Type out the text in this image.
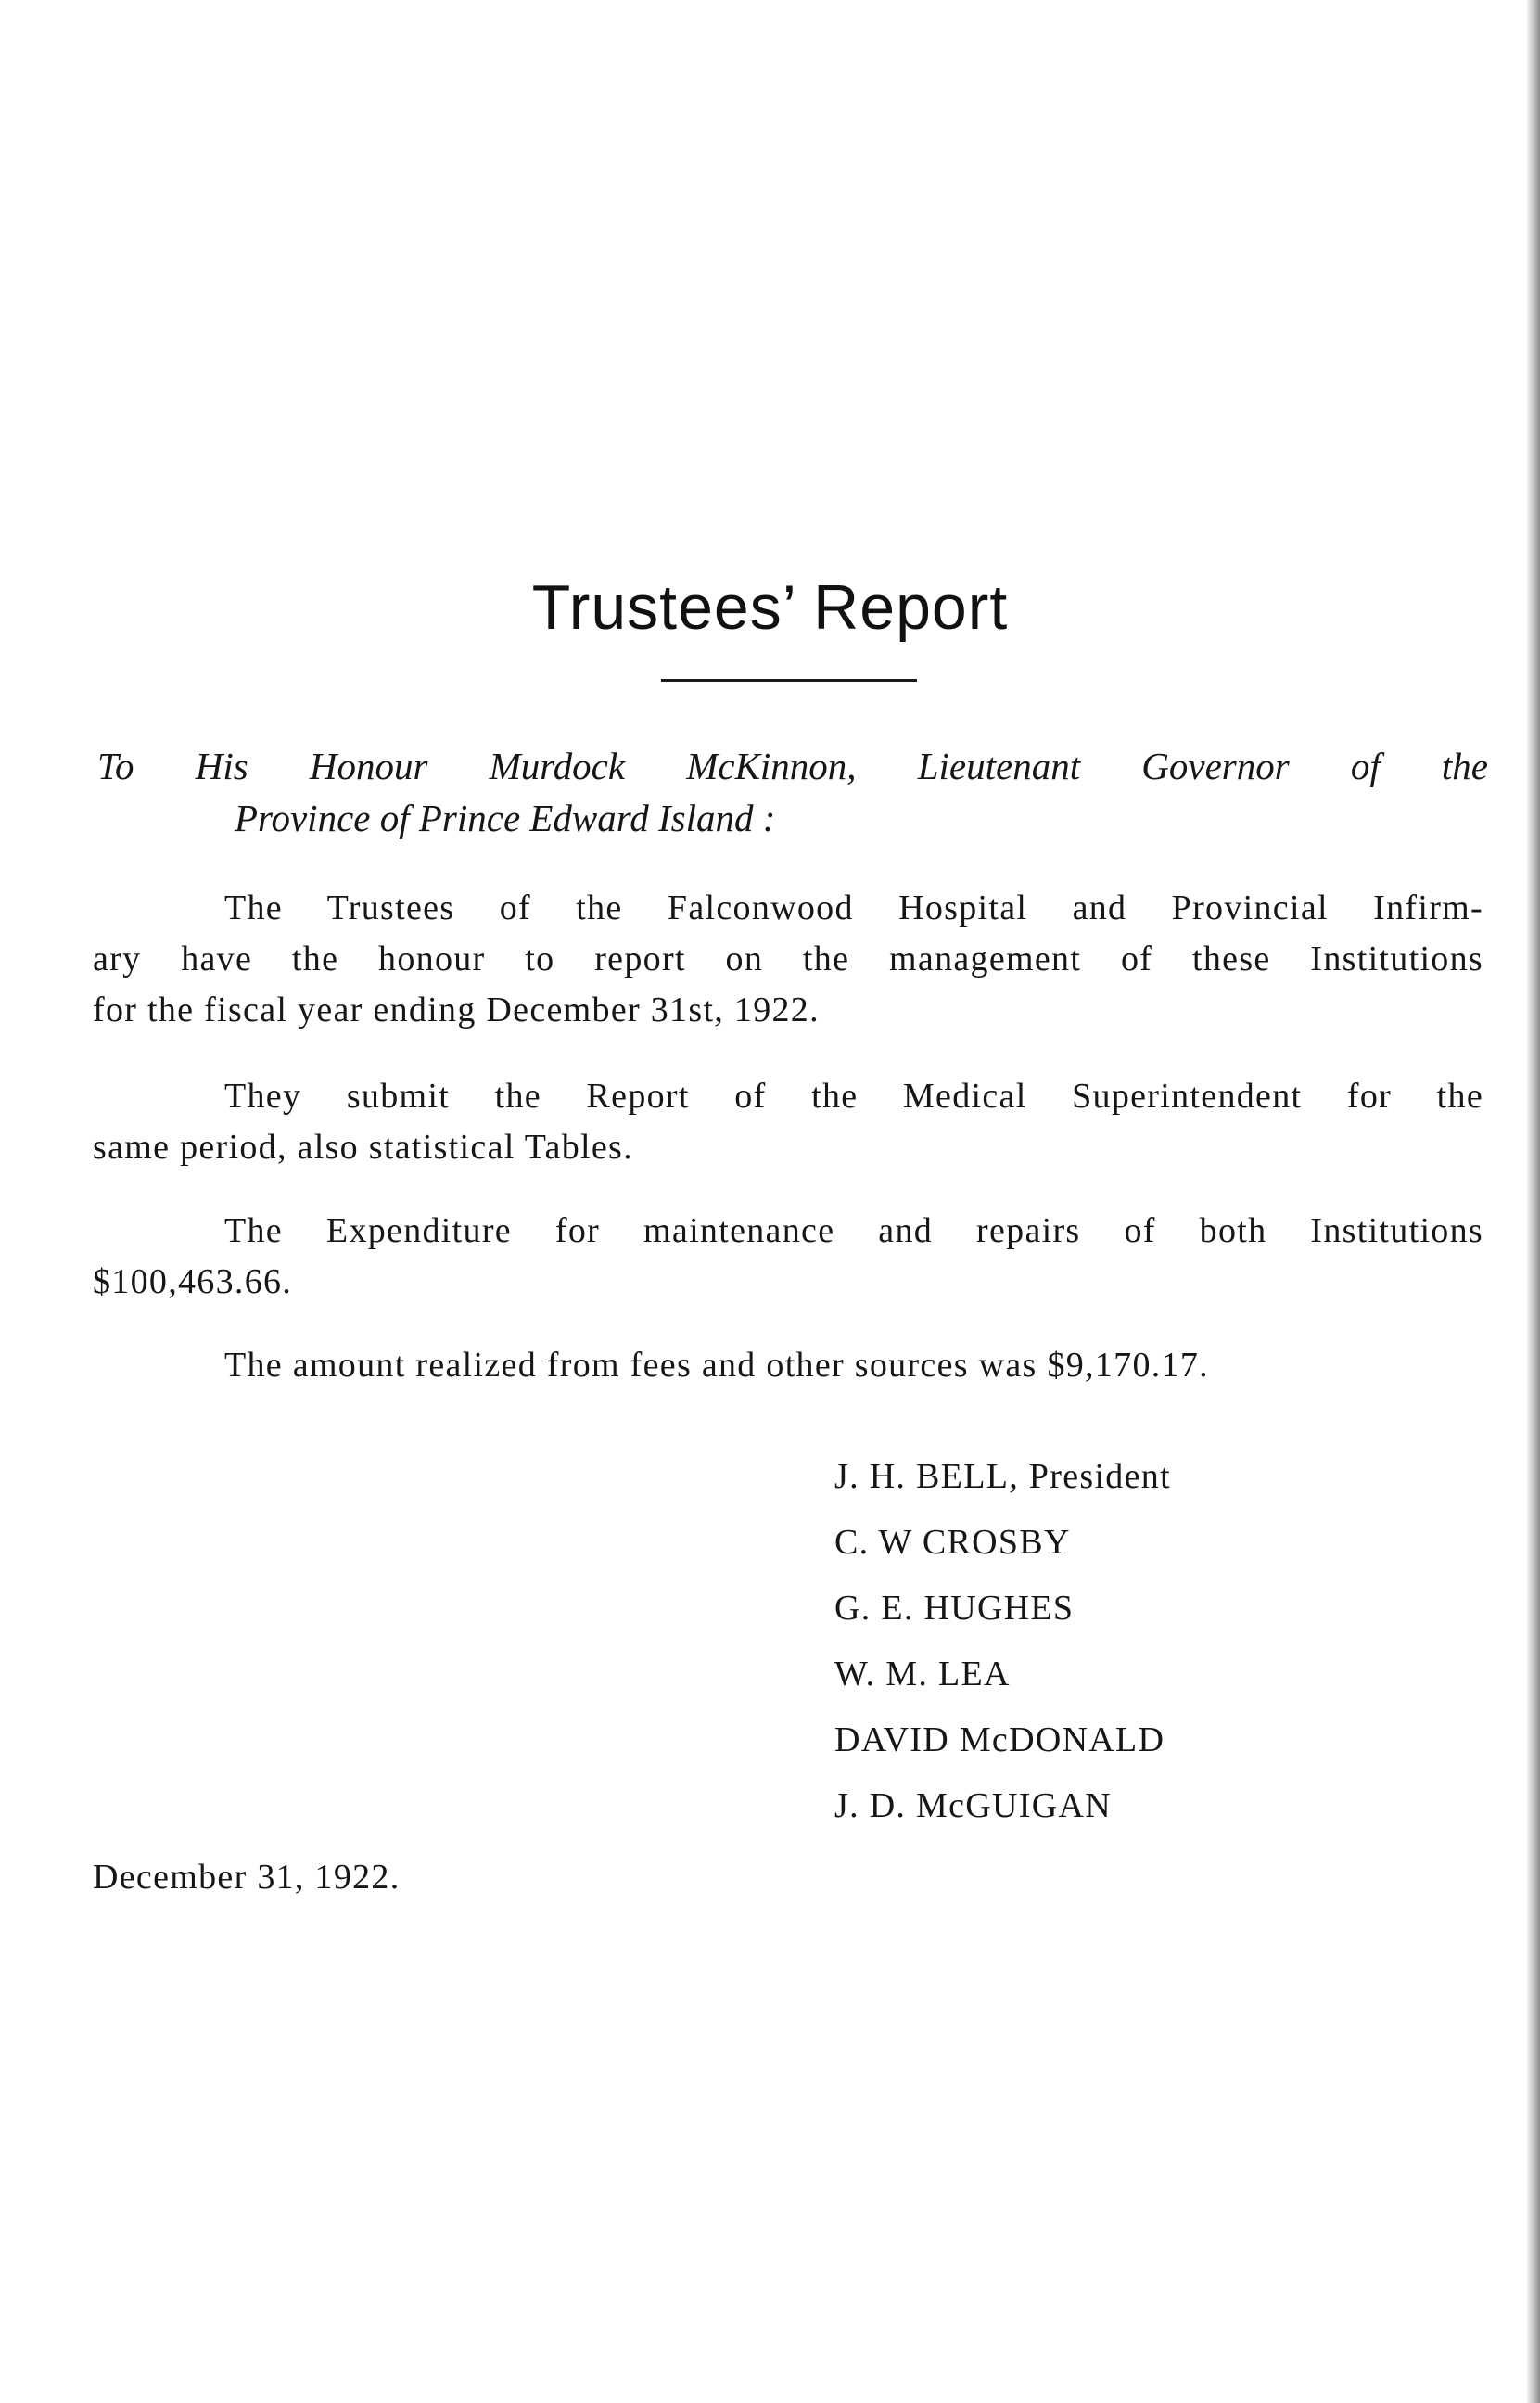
Trustees’ Report
To His Honour Murdock McKinnon, Lieutenant Governor of the
Province of Prince Edward Island :

The Trustees of the Falconwood Hospital and Provincial Infirm-
ary have the honour to report on the management of these Institutions
for the fiscal year ending December 31st, 1922.

They submit the Report of the Medical Superintendent for the
same period, also statistical Tables.

The Expenditure for maintenance and repairs of both Institutions
$100,463.66.

The amount realized from fees and other sources was $9,170.17.

J. H. BELL, President
C. W CROSBY
G. E. HUGHES
W. M. LEA
DAVID McDONALD
J. D. McGUIGAN
December 31, 1922.
